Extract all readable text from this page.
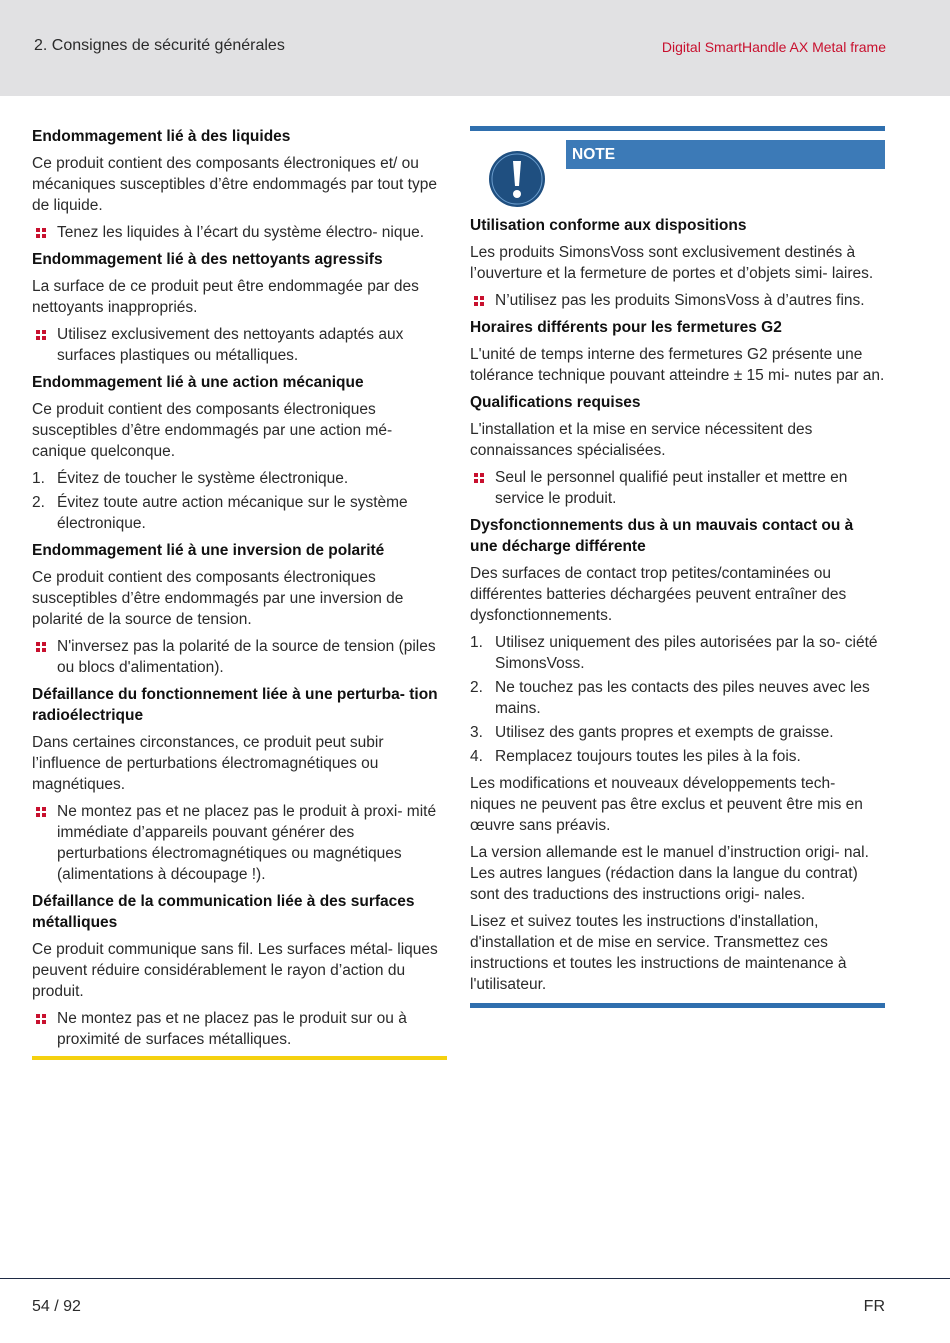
2. Consignes de sécurité générales	Digital SmartHandle AX Metal frame
Endommagement lié à des liquides

Ce produit contient des composants électroniques et/ ou mécaniques susceptibles d’être endommagés par tout type de liquide.

Tenez les liquides à l’écart du système électro- nique.
Endommagement lié à des nettoyants agressifs

La surface de ce produit peut être endommagée par des nettoyants inappropriés.

Utilisez exclusivement des nettoyants adaptés aux surfaces plastiques ou métalliques.
Endommagement lié à une action mécanique

Ce produit contient des composants électroniques susceptibles d’être endommagés par une action mé- canique quelconque.

1. Évitez de toucher le système électronique.
2. Évitez toute autre action mécanique sur le système électronique.
Endommagement lié à une inversion de polarité

Ce produit contient des composants électroniques susceptibles d’être endommagés par une inversion de polarité de la source de tension.

N'inversez pas la polarité de la source de tension (piles ou blocs d'alimentation).
Défaillance du fonctionnement liée à une perturba- tion radioélectrique

Dans certaines circonstances, ce produit peut subir l’influence de perturbations électromagnétiques ou magnétiques.

Ne montez pas et ne placez pas le produit à proxi- mité immédiate d’appareils pouvant générer des perturbations électromagnétiques ou magnétiques (alimentations à découpage !).
Défaillance de la communication liée à des surfaces métalliques

Ce produit communique sans fil. Les surfaces métal- liques peuvent réduire considérablement le rayon d’action du produit.

Ne montez pas et ne placez pas le produit sur ou à proximité de surfaces métalliques.
NOTE
Utilisation conforme aux dispositions

Les produits SimonsVoss sont exclusivement destinés à l’ouverture et la fermeture de portes et d’objets simi- laires.

N’utilisez pas les produits SimonsVoss à d’autres fins.
Horaires différents pour les fermetures G2

L'unité de temps interne des fermetures G2 présente une tolérance technique pouvant atteindre ± 15 mi- nutes par an.

Qualifications requises

L'installation et la mise en service nécessitent des connaissances spécialisées.

Seul le personnel qualifié peut installer et mettre en service le produit.
Dysfonctionnements dus à un mauvais contact ou à une décharge différente

Des surfaces de contact trop petites/contaminées ou différentes batteries déchargées peuvent entraîner des dysfonctionnements.

1. Utilisez uniquement des piles autorisées par la so- ciété SimonsVoss.
2. Ne touchez pas les contacts des piles neuves avec les mains.
3. Utilisez des gants propres et exempts de graisse.
4. Remplacez toujours toutes les piles à la fois.

Les modifications et nouveaux développements tech- niques ne peuvent pas être exclus et peuvent être mis en œuvre sans préavis.

La version allemande est le manuel d’instruction origi- nal. Les autres langues (rédaction dans la langue du contrat) sont des traductions des instructions origi- nales.

Lisez et suivez toutes les instructions d'installation, d'installation et de mise en service. Transmettez ces instructions et toutes les instructions de maintenance à l'utilisateur.

54 / 92	FR
